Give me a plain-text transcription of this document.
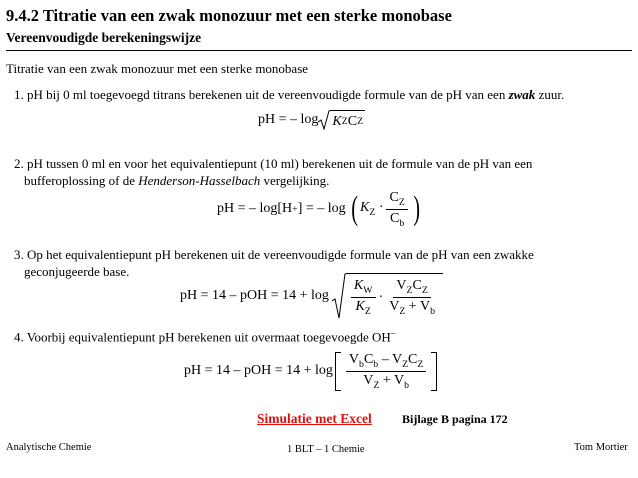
9.4.2 Titratie van een zwak monozuur met een sterke monobase
Vereenvoudigde berekeningswijze
Titratie van een zwak monozuur met een sterke monobase
1. pH bij 0 ml toegevoegd titrans berekenen uit de vereenvoudigde formule van de pH van een zwak zuur.
pH = – log K Z C Z
2. pH tussen 0 ml en voor het equivalentiepunt (10 ml) berekenen uit de formule van de pH van een
bufferoplossing of de Henderson-Hasselbach vergelijking.
pH = – log[H + ] = – log ( $K_Z \cdot \frac{C_Z}{C_b}$ )
3. Op het equivalentiepunt pH berekenen uit de vereenvoudigde formule van de pH van een zwakke
geconjugeerde base.
pH = 14 – pOH = $14 + \log \frac{K_W}{K_Z} \cdot \frac{V_ZC_Z}{V_Z + V_b}$
4. Voorbij equivalentiepunt pH berekenen uit overmaat toegevoegde OH–
pH = 14 – pOH = $14 + \log \frac{V_bC_b - V_ZC_Z}{V_Z + V_b}$
Simulatie met Excel	Bijlage B pagina 172
Analytische Chemie	1 BLT – 1 Chemie	Tom Mortier
